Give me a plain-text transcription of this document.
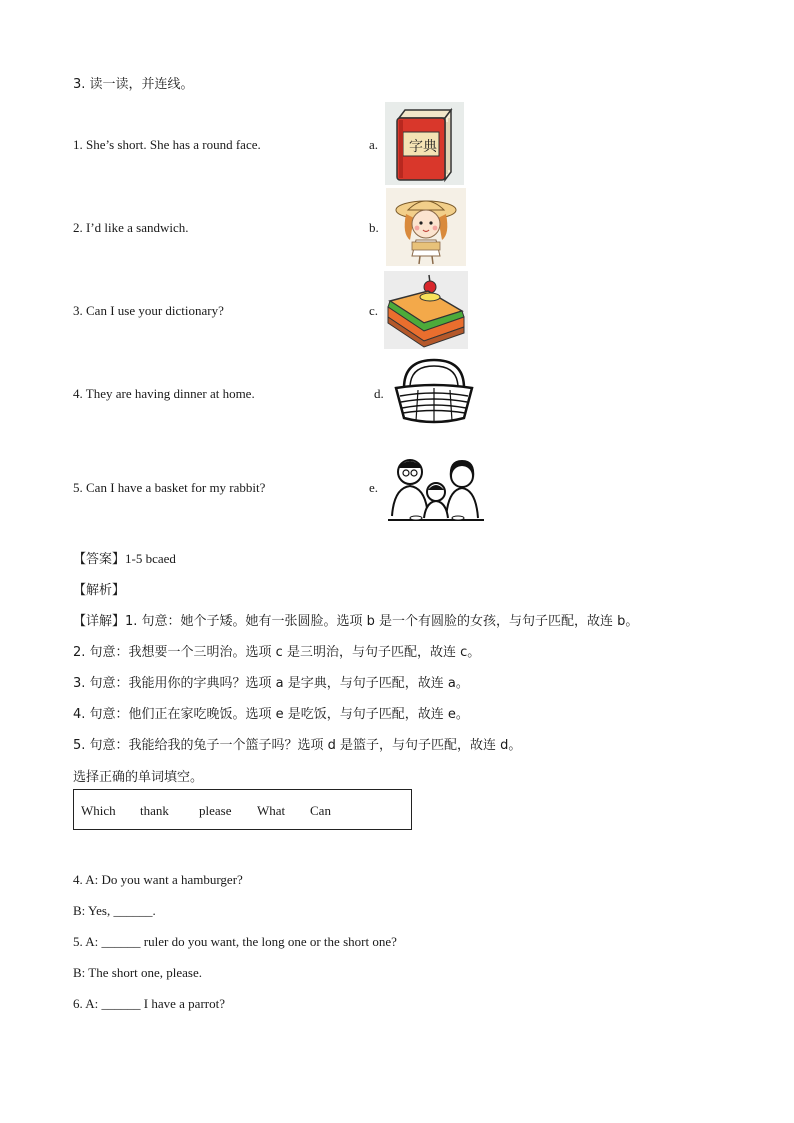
3. 读一读，并连线。
1. She’s short. She has a round face.
2. I’d like a sandwich.
3. Can I use your dictionary?
4. They are having dinner at home.
5. Can I have a basket for my rabbit?
a.
b.
c.
d.
e.
字典
【答案】1-5 bcaed
【解析】
【详解】1. 句意：她个子矮。她有一张圆脸。选项 b 是一个有圆脸的女孩，与句子匹配，故连 b。
2. 句意：我想要一个三明治。选项 c 是三明治，与句子匹配，故连 c。
3. 句意：我能用你的字典吗？选项 a 是字典，与句子匹配，故连 a。
4. 句意：他们正在家吃晚饭。选项 e 是吃饭，与句子匹配，故连 e。
5. 句意：我能给我的兔子一个篮子吗？选项 d 是篮子，与句子匹配，故连 d。
选择正确的单词填空。
Which thank please What Can
4. A: Do you want a hamburger?
B: Yes, ______.
5. A: ______ ruler do you want, the long one or the short one?
B: The short one, please.
6. A: ______ I have a parrot?
